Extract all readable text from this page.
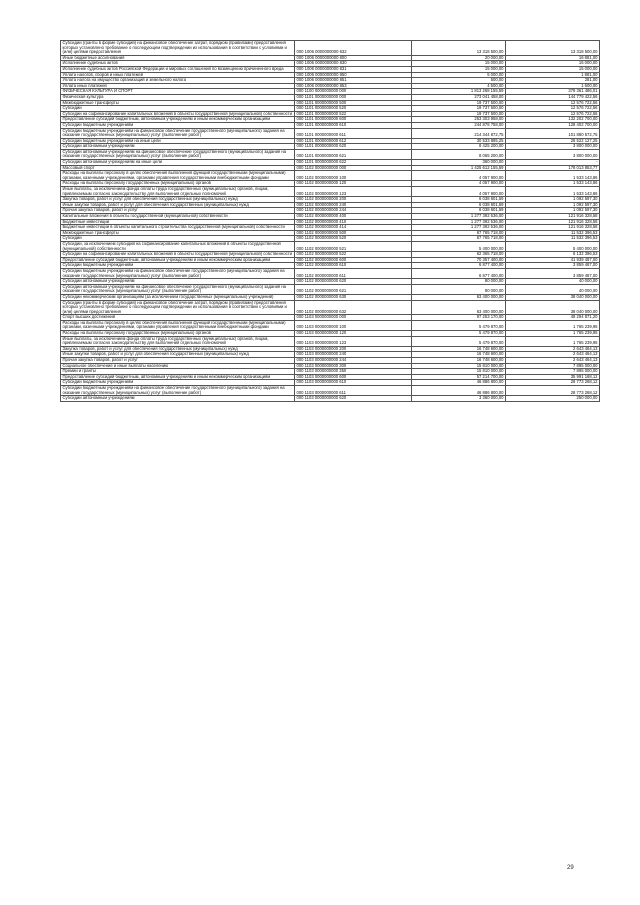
Субсидии (гранты в форме субсидий) на финансовое обеспечение затрат, порядком (правилами) предоставления которых установлено требование о последующем подтверждении их использования в соответствии с условиями и (или) целями предоставления	000 1006 0000000000 632	13 318 500,00	13 318 500,00

Иные бюджетные ассигнования	000 1006 0000000000 800	20 000,00	16 881,00

Исполнение судебных актов	000 1006 0000000000 830	15 000,00	15 000,00

Исполнение судебных актов Российской Федерации и мировых соглашений по возмещению причиненного вреда	000 1006 0000000000 831	15 000,00	15 000,00

Уплата налогов, сборов и иных платежей	000 1006 0000000000 850	5 000,00	1 881,00

Уплата налога на имущество организаций и земельного налога	000 1006 0000000000 851	500,00	281,00

Уплата иных платежей	000 1006 0000000000 853	4 500,00	1 600,00

ФИЗИЧЕСКАЯ КУЛЬТУРА И СПОРТ	000 1100 0000000000 000	1 813 268 155,59	378 361 486,01

Физическая культура	000 1101 0000000000 000	273 041 458,00	144 779 422,56

Межбюджетные трансферты	000 1101 0000000000 500	19 737 500,00	12 576 722,56

Субсидии	000 1101 0000000000 520	19 737 500,00	12 576 722,56

Субсидии на софинансирование капитальных вложений в объекты государственной (муниципальной) собственности	000 1101 0000000000 522	19 737 500,00	12 576 722,56

Предоставление субсидий бюджетным, автономным учреждениям и иным некоммерческим организациям	000 1101 0000000000 600	253 303 958,00	132 202 700,00

Субсидии бюджетным учреждениям	000 1101 0000000000 610	244 878 758,00	128 402 700,00

Субсидии бюджетным учреждениям на финансовое обеспечение государственного (муниципального) задания на оказание государственных (муниципальных) услуг (выполнение работ)	000 1101 0000000000 611	214 344 872,75	101 880 572,75

Субсидии бюджетным учреждениям на иные цели	000 1101 0000000000 612	30 533 885,25	26 522 127,25

Субсидии автономным учреждениям	000 1101 0000000000 620	8 425 200,00	3 800 000,00

Субсидии автономным учреждениям на финансовое обеспечение государственного (муниципального) задания на оказание государственных (муниципальных) услуг (выполнение работ)	000 1101 0000000000 621	8 065 200,00	3 800 000,00

Субсидии автономным учреждениям на иные цели	000 1101 0000000000 622	360 000,00	-

Массовый спорт	000 1102 0000000000 000	1 425 612 155,59	178 013 853,77

Расходы на выплаты персоналу в целях обеспечения выполнения функций государственными (муниципальными) органами, казенными учреждениями, органами управления государственными внебюджетными фондами	000 1102 0000000000 100	4 057 900,00	1 533 143,86

Расходы на выплаты персоналу государственных (муниципальных) органов	000 1102 0000000000 120	4 057 900,00	1 533 143,86

Иные выплаты, за исключением фонда оплаты труда государственных (муниципальных) органов, лицам, привлекаемым согласно законодательству для выполнения отдельных полномочий	000 1102 0000000000 123	4 057 900,00	1 533 143,86

Закупка товаров, работ и услуг для обеспечения государственных (муниципальных) нужд	000 1102 0000000000 200	6 038 601,59	1 092 597,30

Иные закупки товаров, работ и услуг для обеспечения государственных (муниципальных) нужд	000 1102 0000000000 240	6 038 601,59	1 092 597,30

Прочая закупка товаров, работ и услуг	000 1102 0000000000 244	6 038 601,59	1 092 597,30

Капитальные вложения в объекты государственной (муниципальной) собственности	000 1102 0000000000 400	1 277 392 536,00	121 916 328,58

Бюджетные инвестиции	000 1102 0000000000 410	1 277 392 536,00	121 916 328,58

Бюджетные инвестиции в объекты капитального строительства государственной (муниципальной) собственности	000 1102 0000000000 414	1 277 392 536,00	121 916 328,58

Межбюджетные трансферты	000 1102 0000000000 500	67 765 718,00	11 532 396,53

Субсидии	000 1102 0000000000 520	67 765 718,00	11 532 396,53

Субсидии, за исключением субсидий на софинансирование капитальных вложений в объекты государственной (муниципальной) собственности	000 1102 0000000000 521	5 400 000,00	5 400 000,00

Субсидии на софинансирование капитальных вложений в объекты государственной (муниципальной) собственности	000 1102 0000000000 522	62 365 718,00	6 132 396,53

Предоставление субсидий бюджетным, автономным учреждениям и иным некоммерческим организациям	000 1102 0000000000 600	70 357 400,00	41 939 487,00

Субсидии бюджетным учреждениям	000 1102 0000000000 610	6 877 400,00	3 859 487,00

Субсидии бюджетным учреждениям на финансовое обеспечение государственного (муниципального) задания на оказание государственных (муниципальных) услуг (выполнение работ)	000 1102 0000000000 611	6 877 400,00	3 859 487,00

Субсидии автономным учреждениям	000 1102 0000000000 620	80 000,00	40 000,00

Субсидии автономным учреждениям на финансовое обеспечение государственного (муниципального) задания на оказание государственных (муниципальных) услуг (выполнение работ)	000 1102 0000000000 621	80 000,00	40 000,00

Субсидии некоммерческим организациям (за исключением государственных (муниципальных) учреждений)	000 1102 0000000000 630	63 400 000,00	38 040 000,00

Субсидии (гранты в форме субсидий) на финансовое обеспечение затрат, порядком (правилами) предоставления которых установлено требование о последующем подтверждении их использования в соответствии с условиями и (или) целями предоставления	000 1102 0000000000 632	63 400 000,00	38 040 000,00

Спорт высших достижений	000 1103 0000000000 000	97 253 170,00	48 294 871,20

Расходы на выплаты персоналу в целях обеспечения выполнения функций государственными (муниципальными) органами, казенными учреждениями, органами управления государственными внебюджетными фондами	000 1103 0000000000 100	5 479 870,00	1 765 239,95

Расходы на выплаты персоналу государственных (муниципальных) органов	000 1103 0000000000 120	5 479 870,00	1 765 239,95

Иные выплаты, за исключением фонда оплаты труда государственных (муниципальных) органов, лицам, привлекаемым согласно законодательству для выполнения отдельных полномочий	000 1103 0000000000 123	5 479 870,00	1 765 239,95

Закупка товаров, работ и услуг для обеспечения государственных (муниципальных) нужд	000 1103 0000000000 200	16 748 600,00	2 643 464,13

Иные закупки товаров, работ и услуг для обеспечения государственных (муниципальных) нужд	000 1103 0000000000 240	16 748 600,00	2 643 464,13

Прочая закупка товаров, работ и услуг	000 1103 0000000000 244	16 748 600,00	2 643 464,13

Социальное обеспечение и иные выплаты населению	000 1103 0000000000 300	15 810 000,00	7 895 000,00

Премии и гранты	000 1103 0000000000 350	15 810 000,00	7 895 000,00

Предоставление субсидий бюджетным, автономным учреждениям и иным некоммерческим организациям	000 1103 0000000000 600	57 214 700,00	35 991 168,12

Субсидии бюджетным учреждениям	000 1103 0000000000 610	46 886 800,00	28 773 268,12

Субсидии бюджетным учреждениям на финансовое обеспечение государственного (муниципального) задания на оказание государственных (муниципальных) услуг (выполнение работ)	000 1103 0000000000 611	46 886 800,00	28 773 268,12

Субсидии автономным учреждениям	000 1103 0000000000 620	3 360 000,00	250 000,00
29
